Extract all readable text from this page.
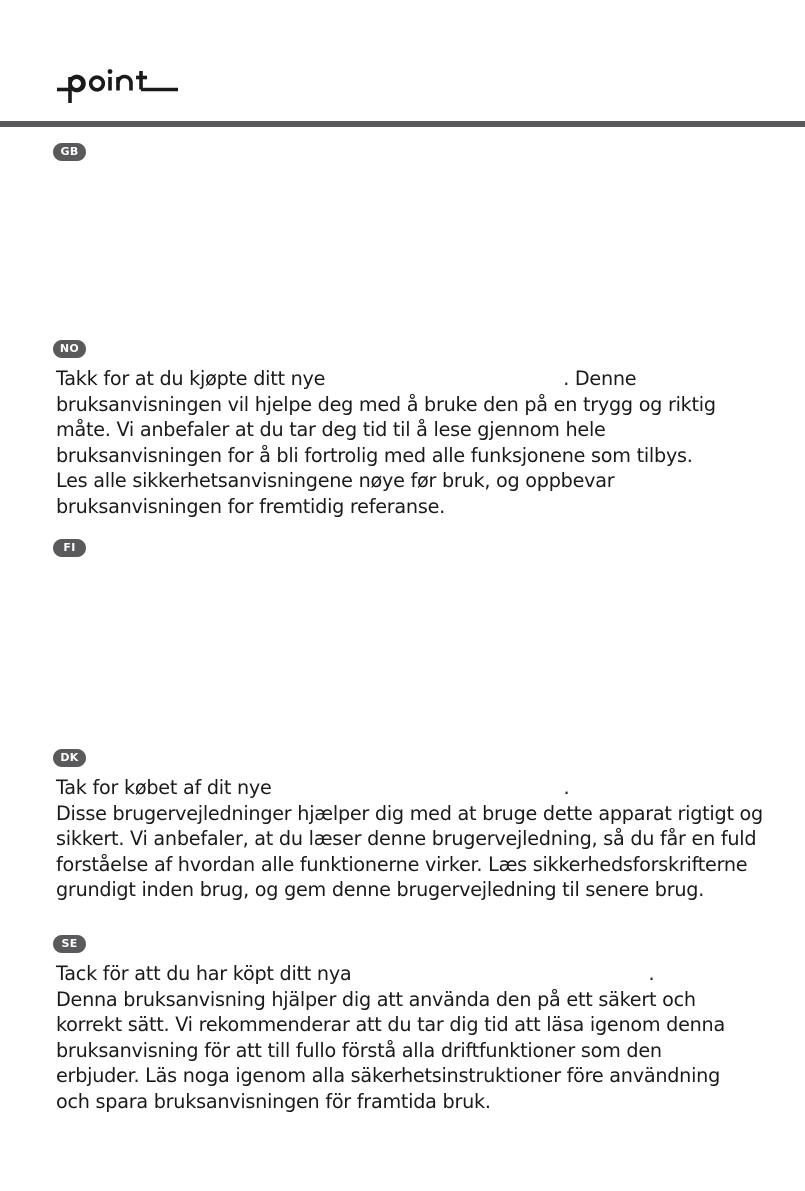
GB
NO
Takk for at du kjøpte ditt nye	. Denne
bruksanvisningen vil hjelpe deg med å bruke den på en trygg og riktig
måte. Vi anbefaler at du tar deg tid til å lese gjennom hele
bruksanvisningen for å bli fortrolig med alle funksjonene som tilbys.
Les alle sikkerhetsanvisningene nøye før bruk, og oppbevar
bruksanvisningen for fremtidig referanse.
FI
DK
Tak for købet af dit nye	.
Disse brugervejledninger hjælper dig med at bruge dette apparat rigtigt og
sikkert. Vi anbefaler, at du læser denne brugervejledning, så du får en fuld
forståelse af hvordan alle funktionerne virker. Læs sikkerhedsforskrifterne
grundigt inden brug, og gem denne brugervejledning til senere brug.
SE
Tack för att du har köpt ditt nya	.
Denna bruksanvisning hjälper dig att använda den på ett säkert och
korrekt sätt. Vi rekommenderar att du tar dig tid att läsa igenom denna
bruksanvisning för att till fullo förstå alla driftfunktioner som den
erbjuder. Läs noga igenom alla säkerhetsinstruktioner före användning
och spara bruksanvisningen för framtida bruk.
